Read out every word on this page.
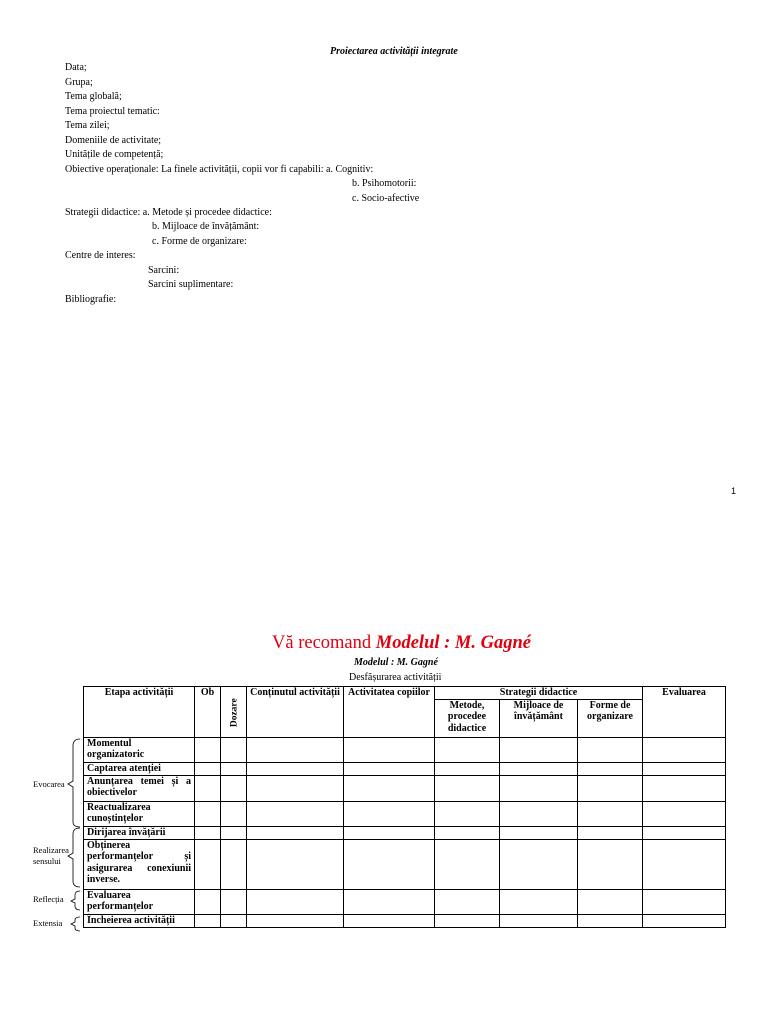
Proiectarea activității integrate
Data;
Grupa;
Tema globală;
Tema proiectul tematic:
Tema zilei;
Domeniile de activitate;
Unitățile de competență;
Obiective operaționale: La finele activității, copii vor fi capabili: a. Cognitiv:
b. Psihomotorii:
c. Socio-afective
Strategii didactice: a. Metode și procedee didactice:
b. Mijloace de învățământ:
c. Forme de organizare:
Centre de interes:
Sarcini:
Sarcini suplimentare:
Bibliografie:
1
Vă recomand Modelul : M. Gagné
Modelul : M. Gagné
Desfășurarea activității
Etapa activității	Ob	Dozare	Conținutul activității	Activitatea copiilor	Strategii didactice			Evaluarea
					Metode, procedee didactice	Mijloace de învățământ	Forme de organizare	
Momentul organizatoric								
Captarea atenției								
Anunțarea temei și a obiectivelor								
Reactualizarea cunoștințelor								
Dirijarea învățării								
Obținerea performanțelor și asigurarea conexiunii inverse.								
Evaluarea performanțelor								
Încheierea activității								
Evocarea
Realizarea
sensului
Reflecția
Extensia
